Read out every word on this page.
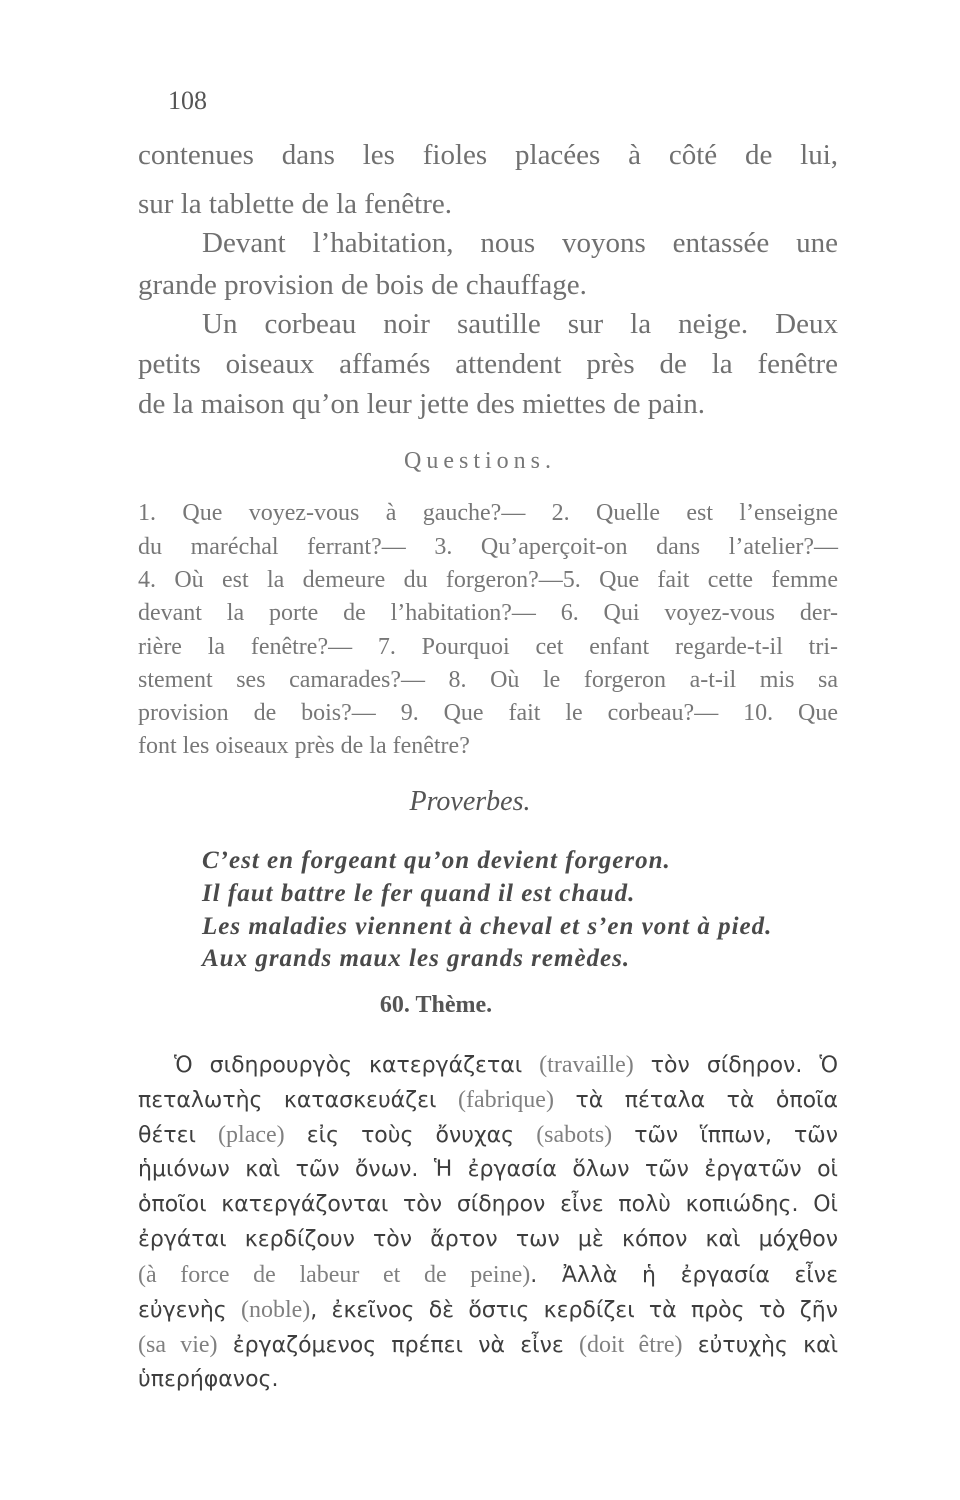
108
contenues dans les fioles placées à côté de lui,
sur la tablette de la fenêtre.
Devant l’habitation, nous voyons entassée une
grande provision de bois de chauffage.
Un corbeau noir sautille sur la neige. Deux
petits oiseaux affamés attendent près de la fenêtre
de la maison qu’on leur jette des miettes de pain.
Questions.
1. Que voyez-vous à gauche?— 2. Quelle est l’enseigne
du maréchal ferrant?— 3. Qu’aperçoit-on dans l’atelier?—
4. Où est la demeure du forgeron?—5. Que fait cette femme
devant la porte de l’habitation?— 6. Qui voyez-vous der-
rière la fenêtre?— 7. Pourquoi cet enfant regarde-t-il tri-
stement ses camarades?— 8. Où le forgeron a-t-il mis sa
provision de bois?— 9. Que fait le corbeau?— 10. Que
font les oiseaux près de la fenêtre?
Proverbes.
C’est en forgeant qu’on devient forgeron.
Il faut battre le fer quand il est chaud.
Les maladies viennent à cheval et s’en vont à pied.
Aux grands maux les grands remèdes.
60. Thème.
Ὁ σιδηρουργὸς κατεργάζεται (travaille) τὸν σίδηρον. Ὁ
πεταλωτὴς κατασκευάζει (fabrique) τὰ πέταλα τὰ ὁποῖα
θέτει (place) εἰς τοὺς ὄνυχας (sabots) τῶν ἵππων, τῶν
ἡμιόνων καὶ τῶν ὄνων. Ἡ ἐργασία ὅλων τῶν ἐργατῶν οἱ
ὁποῖοι κατεργάζονται τὸν σίδηρον εἶνε πολὺ κοπιώδης. Οἱ
ἐργάται κερδίζουν τὸν ἄρτον των μὲ κόπον καὶ μόχθον
(à force de labeur et de peine). Ἀλλὰ ἡ ἐργασία εἶνε
εὐγενὴς (noble), ἐκεῖνος δὲ ὅστις κερδίζει τὰ πρὸς τὸ ζῆν
(sa vie) ἐργαζόμενος πρέπει νὰ εἶνε (doit être) εὐτυχὴς καὶ
ὑπερήφανος.
